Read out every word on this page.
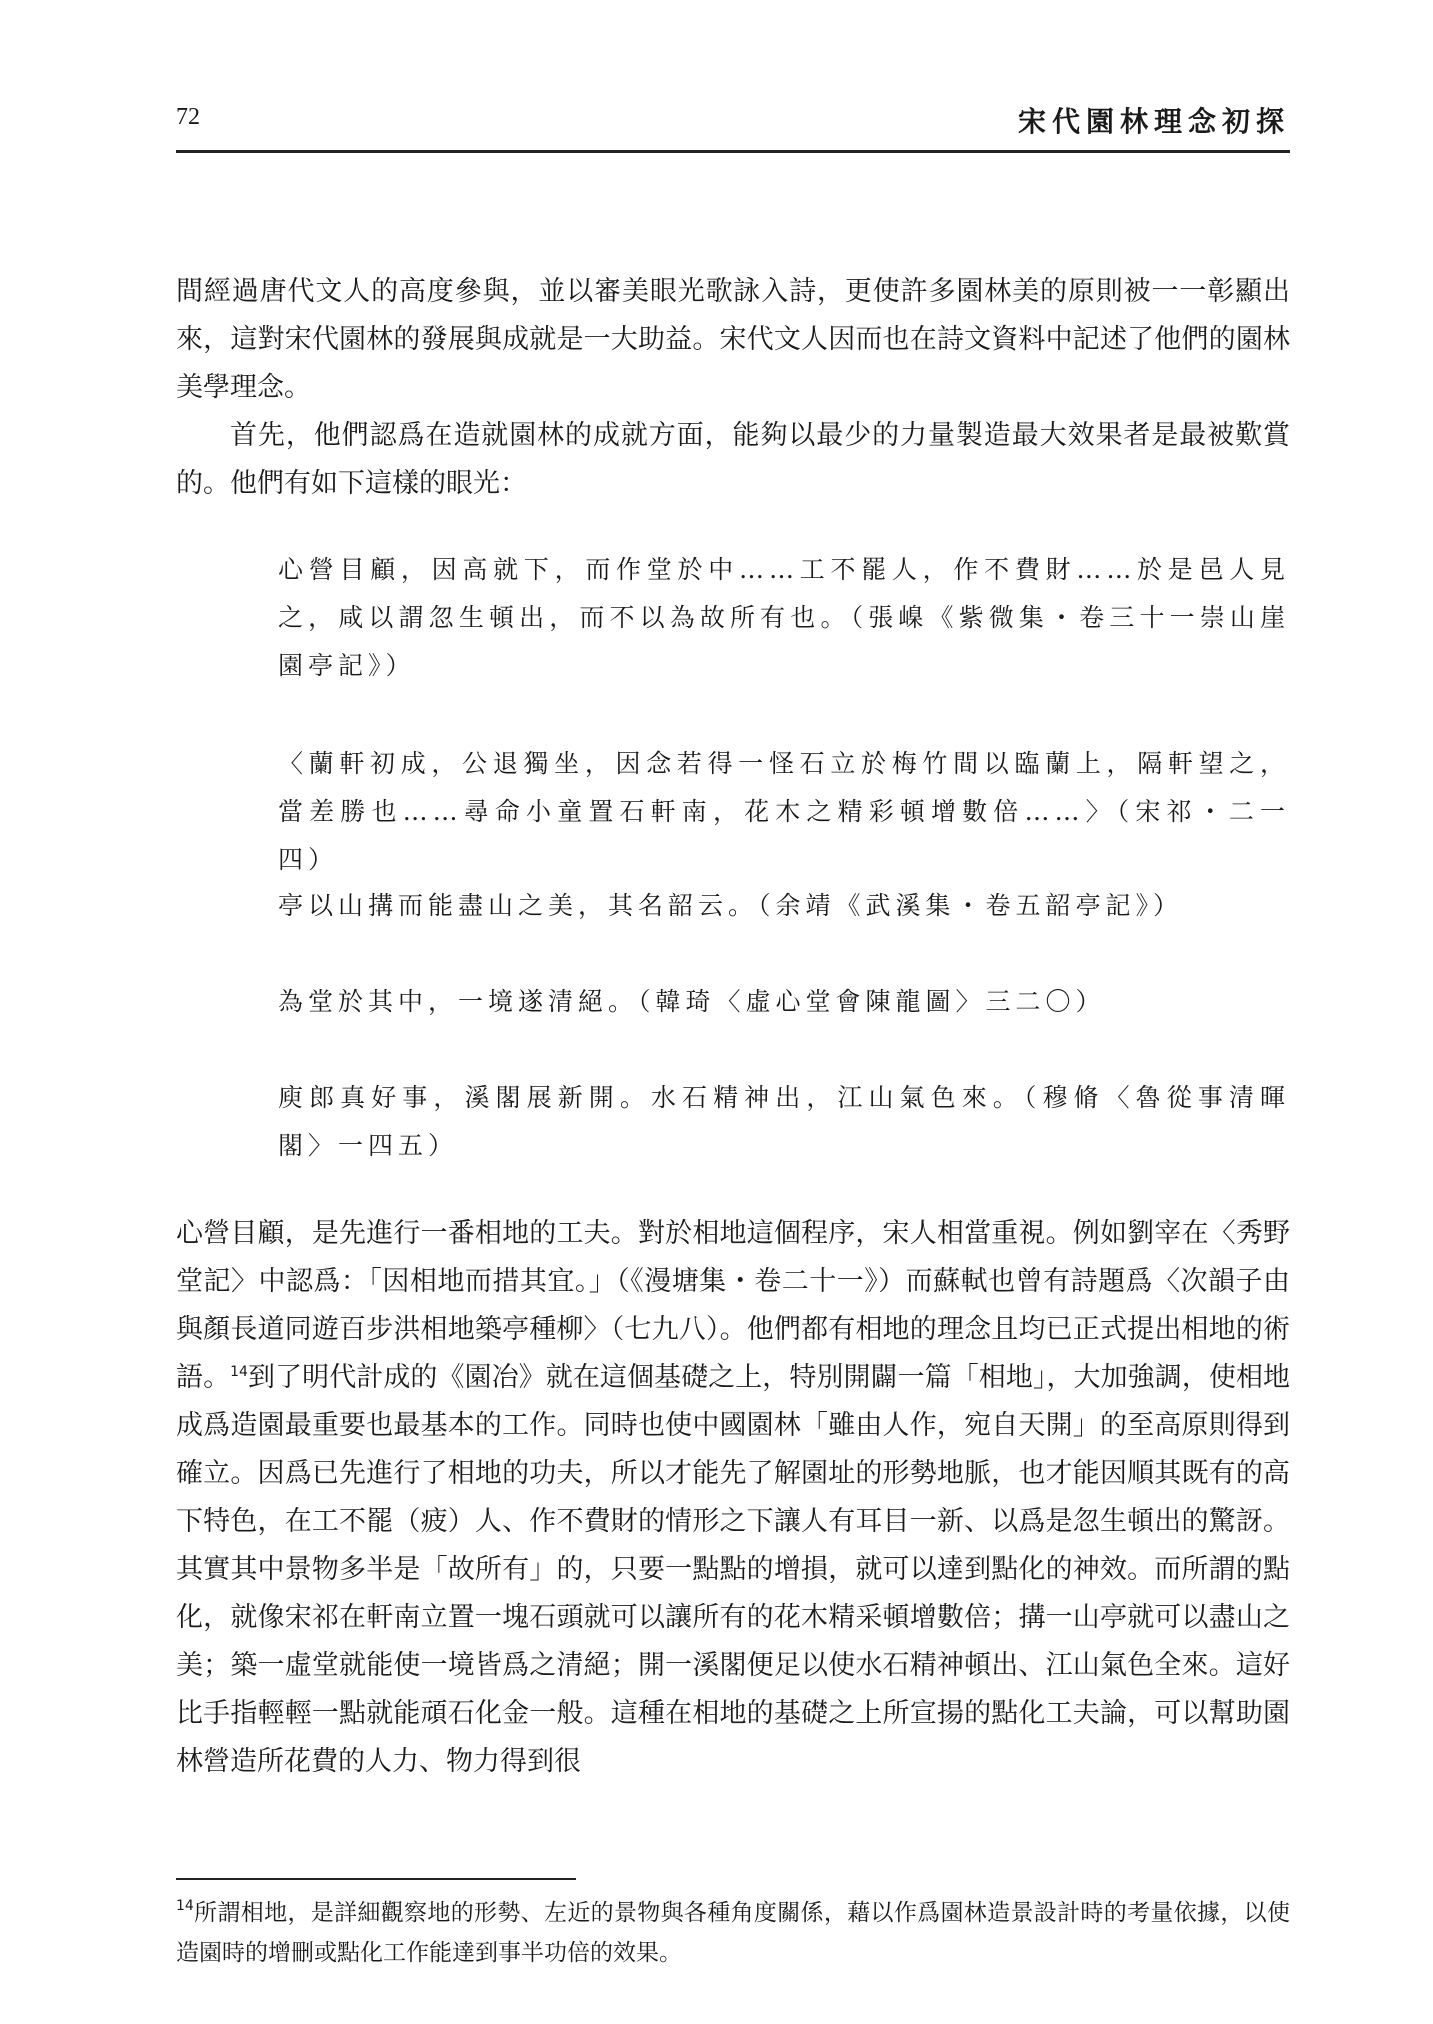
72	宋代園林理念初探

間經過唐代文人的高度參與，並以審美眼光歌詠入詩，更使許多園林美的原則被一一彰顯出來，這對宋代園林的發展與成就是一大助益。宋代文人因而也在詩文資料中記述了他們的園林美學理念。

首先，他們認爲在造就園林的成就方面，能夠以最少的力量製造最大效果者是最被歎賞的。他們有如下這樣的眼光：

心營目顧，因高就下，而作堂於中……工不罷人，作不費財……於是邑人見之，咸以謂忽生頓出，而不以為故所有也。（張嵲《紫微集・卷三十一崇山崖園亭記》）

〈蘭軒初成，公退獨坐，因念若得一怪石立於梅竹間以臨蘭上，隔軒望之，當差勝也……尋命小童置石軒南，花木之精彩頓增數倍……〉（宋祁・二一四）

亭以山搆而能盡山之美，其名韶云。（余靖《武溪集・卷五韶亭記》）

為堂於其中，一境遂清絕。（韓琦〈虛心堂會陳龍圖〉三二〇）

庾郎真好事，溪閣展新開。水石精神出，江山氣色來。（穆脩〈魯從事清暉閣〉一四五）

心營目顧，是先進行一番相地的工夫。對於相地這個程序，宋人相當重視。例如劉宰在〈秀野堂記〉中認爲：「因相地而措其宜。」（《漫塘集・卷二十一》）而蘇軾也曾有詩題爲〈次韻子由與顏長道同遊百步洪相地築亭種柳〉（七九八）。他們都有相地的理念且均已正式提出相地的術語。$^{14}$到了明代計成的《園冶》就在這個基礎之上，特別開闢一篇「相地」，大加強調，使相地成爲造園最重要也最基本的工作。同時也使中國園林「雖由人作，宛自天開」的至高原則得到確立。因爲已先進行了相地的功夫，所以才能先了解園址的形勢地脈，也才能因順其既有的高下特色，在工不罷（疲）人、作不費財的情形之下讓人有耳目一新、以爲是忽生頓出的驚訝。其實其中景物多半是「故所有」的，只要一點點的增損，就可以達到點化的神效。而所謂的點化，就像宋祁在軒南立置一塊石頭就可以讓所有的花木精采頓增數倍；搆一山亭就可以盡山之美；築一虛堂就能使一境皆爲之清絕；開一溪閣便足以使水石精神頓出、江山氣色全來。這好比手指輕輕一點就能頑石化金一般。這種在相地的基礎之上所宣揚的點化工夫論，可以幫助園林營造所花費的人力、物力得到很

$^{14}$所謂相地，是詳細觀察地的形勢、左近的景物與各種角度關係，藉以作爲園林造景設計時的考量依據，以使造園時的增刪或點化工作能達到事半功倍的效果。
